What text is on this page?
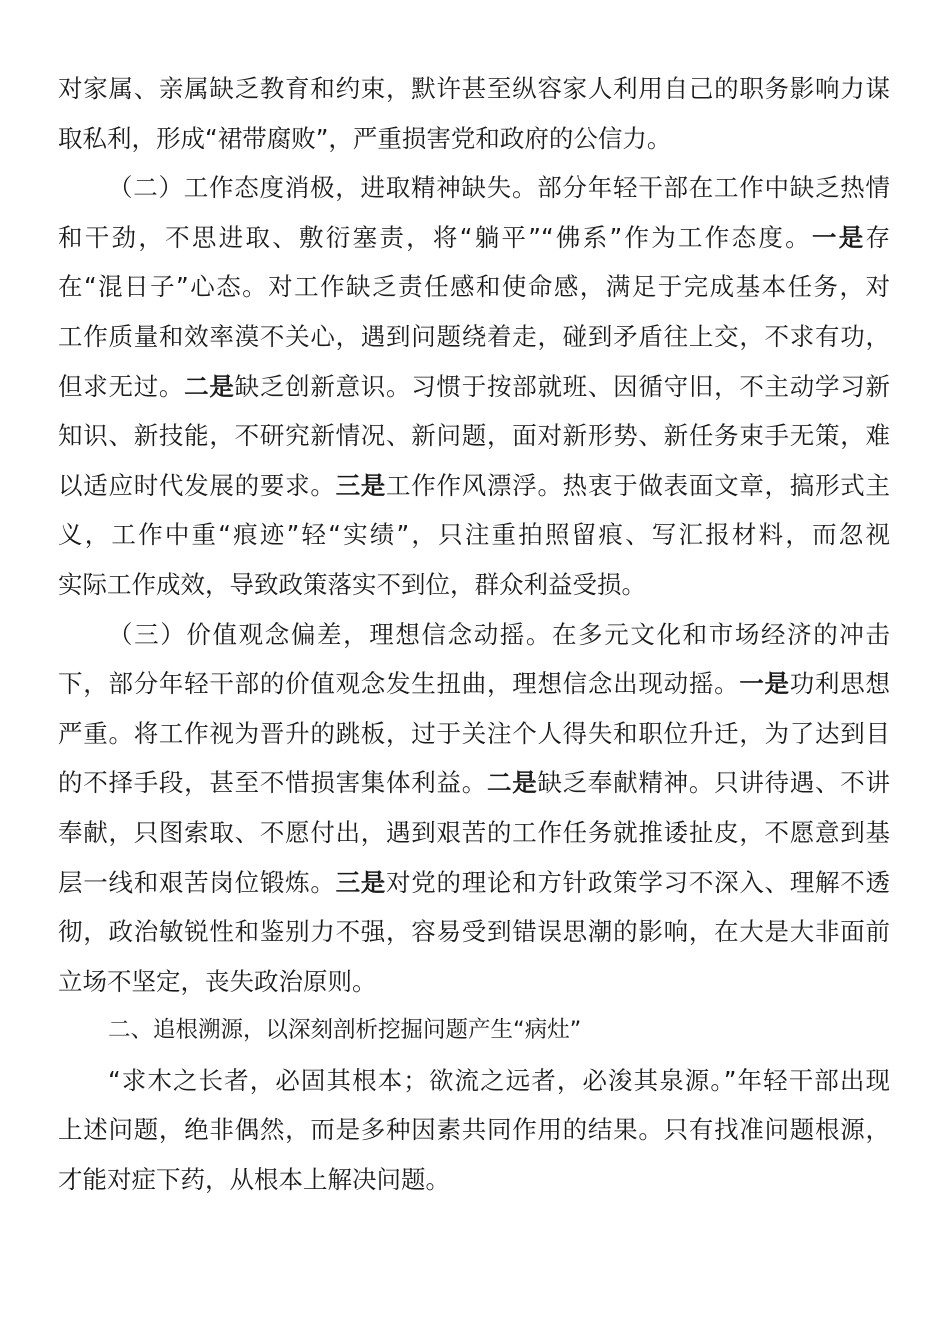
对家属、亲属缺乏教育和约束，默许甚至纵容家人利用自己的职务影响力谋
取私利，形成“裙带腐败”，严重损害党和政府的公信力。
（二）工作态度消极，进取精神缺失。部分年轻干部在工作中缺乏热情
和干劲，不思进取、敷衍塞责，将“躺平”“佛系”作为工作态度。一是存
在“混日子”心态。对工作缺乏责任感和使命感，满足于完成基本任务，对
工作质量和效率漠不关心，遇到问题绕着走，碰到矛盾往上交，不求有功，
但求无过。二是缺乏创新意识。习惯于按部就班、因循守旧，不主动学习新
知识、新技能，不研究新情况、新问题，面对新形势、新任务束手无策，难
以适应时代发展的要求。三是工作作风漂浮。热衷于做表面文章，搞形式主
义，工作中重“痕迹”轻“实绩”，只注重拍照留痕、写汇报材料，而忽视
实际工作成效，导致政策落实不到位，群众利益受损。
（三）价值观念偏差，理想信念动摇。在多元文化和市场经济的冲击
下，部分年轻干部的价值观念发生扭曲，理想信念出现动摇。一是功利思想
严重。将工作视为晋升的跳板，过于关注个人得失和职位升迁，为了达到目
的不择手段，甚至不惜损害集体利益。二是缺乏奉献精神。只讲待遇、不讲
奉献，只图索取、不愿付出，遇到艰苦的工作任务就推诿扯皮，不愿意到基
层一线和艰苦岗位锻炼。三是对党的理论和方针政策学习不深入、理解不透
彻，政治敏锐性和鉴别力不强，容易受到错误思潮的影响，在大是大非面前
立场不坚定，丧失政治原则。
二、追根溯源，以深刻剖析挖掘问题产生“病灶”
“求木之长者，必固其根本；欲流之远者，必浚其泉源。”年轻干部出现
上述问题，绝非偶然，而是多种因素共同作用的结果。只有找准问题根源，
才能对症下药，从根本上解决问题。
